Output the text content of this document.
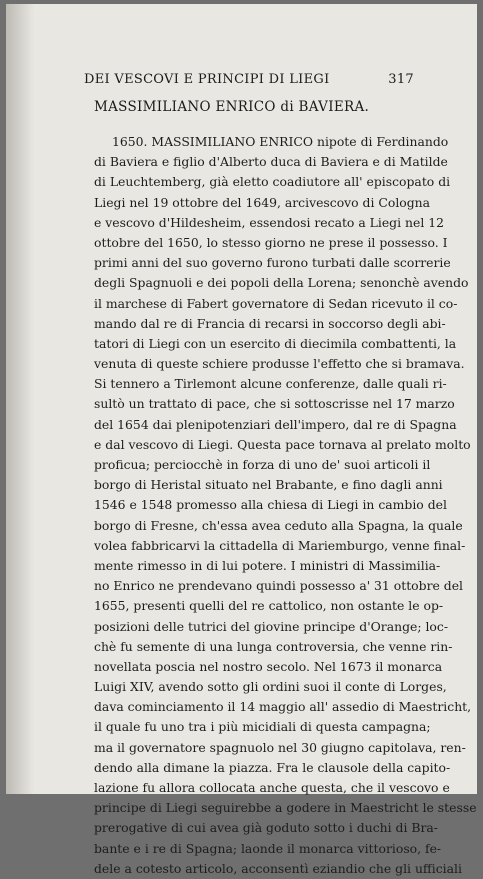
DEI VESCOVI E PRINCIPI DI LIEGI	317
MASSIMILIANO ENRICO di BAVIERA.
1650. MASSIMILIANO ENRICO nipote di Ferdinando
di Baviera e figlio d'Alberto duca di Baviera e di Matilde
di Leuchtemberg, già eletto coadiutore all' episcopato di
Liegi nel 19 ottobre del 1649, arcivescovo di Cologna
e vescovo d'Hildesheim, essendosi recato a Liegi nel 12
ottobre del 1650, lo stesso giorno ne prese il possesso. I
primi anni del suo governo furono turbati dalle scorrerie
degli Spagnuoli e dei popoli della Lorena; senonchè avendo
il marchese di Fabert governatore di Sedan ricevuto il co-
mando dal re di Francia di recarsi in soccorso degli abi-
tatori di Liegi con un esercito di diecimila combattenti, la
venuta di queste schiere produsse l'effetto che si bramava.
Si tennero a Tirlemont alcune conferenze, dalle quali ri-
sultò un trattato di pace, che si sottoscrisse nel 17 marzo
del 1654 dai plenipotenziari dell'impero, dal re di Spagna
e dal vescovo di Liegi. Questa pace tornava al prelato molto
proficua; perciocchè in forza di uno de' suoi articoli il
borgo di Heristal situato nel Brabante, e fino dagli anni
1546 e 1548 promesso alla chiesa di Liegi in cambio del
borgo di Fresne, ch'essa avea ceduto alla Spagna, la quale
volea fabbricarvi la cittadella di Mariemburgo, venne final-
mente rimesso in di lui potere. I ministri di Massimilia-
no Enrico ne prendevano quindi possesso a' 31 ottobre del
1655, presenti quelli del re cattolico, non ostante le op-
posizioni delle tutrici del giovine principe d'Orange; loc-
chè fu semente di una lunga controversia, che venne rin-
novellata poscia nel nostro secolo. Nel 1673 il monarca
Luigi XIV, avendo sotto gli ordini suoi il conte di Lorges,
dava cominciamento il 14 maggio all' assedio di Maestricht,
il quale fu uno tra i più micidiali di questa campagna;
ma il governatore spagnuolo nel 30 giugno capitolava, ren-
dendo alla dimane la piazza. Fra le clausole della capito-
lazione fu allora collocata anche questa, che il vescovo e
principe di Liegi seguirebbe a godere in Maestricht le stesse
prerogative di cui avea già goduto sotto i duchi di Bra-
bante e i re di Spagna; laonde il monarca vittorioso, fe-
dele a cotesto articolo, acconsentì eziandio che gli ufficiali
